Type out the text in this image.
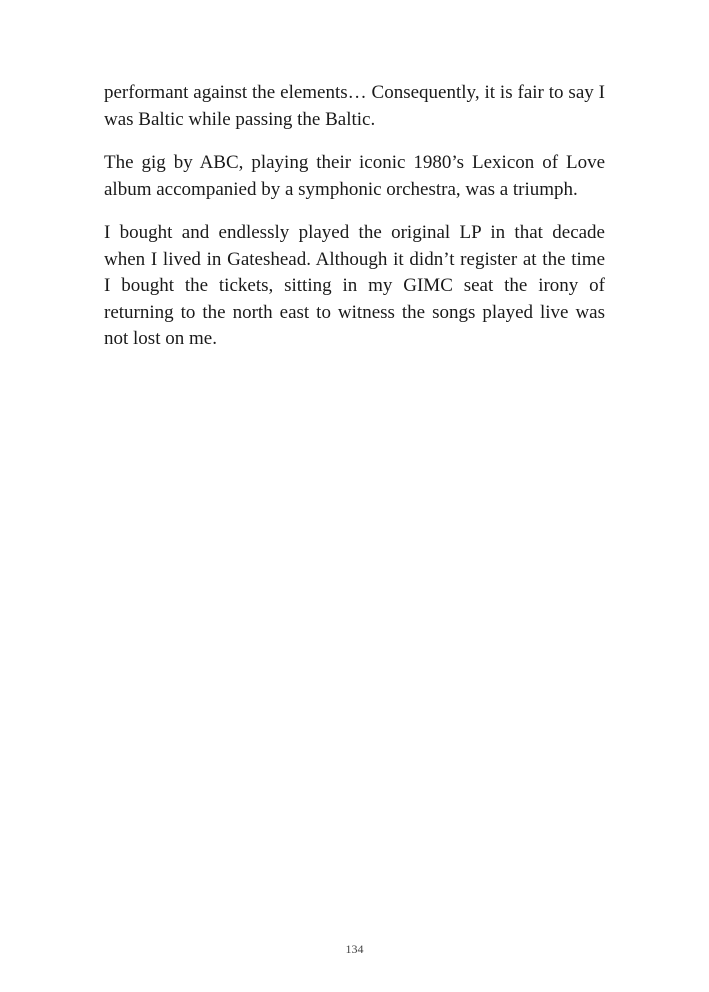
performant against the elements… Consequently, it is fair to say I was Baltic while passing the Baltic.

The gig by ABC, playing their iconic 1980’s Lexicon of Love album accompanied by a symphonic orchestra, was a triumph.

I bought and endlessly played the original LP in that decade when I lived in Gateshead. Although it didn’t register at the time I bought the tickets, sitting in my GIMC seat the irony of returning to the north east to witness the songs played live was not lost on me.

134
